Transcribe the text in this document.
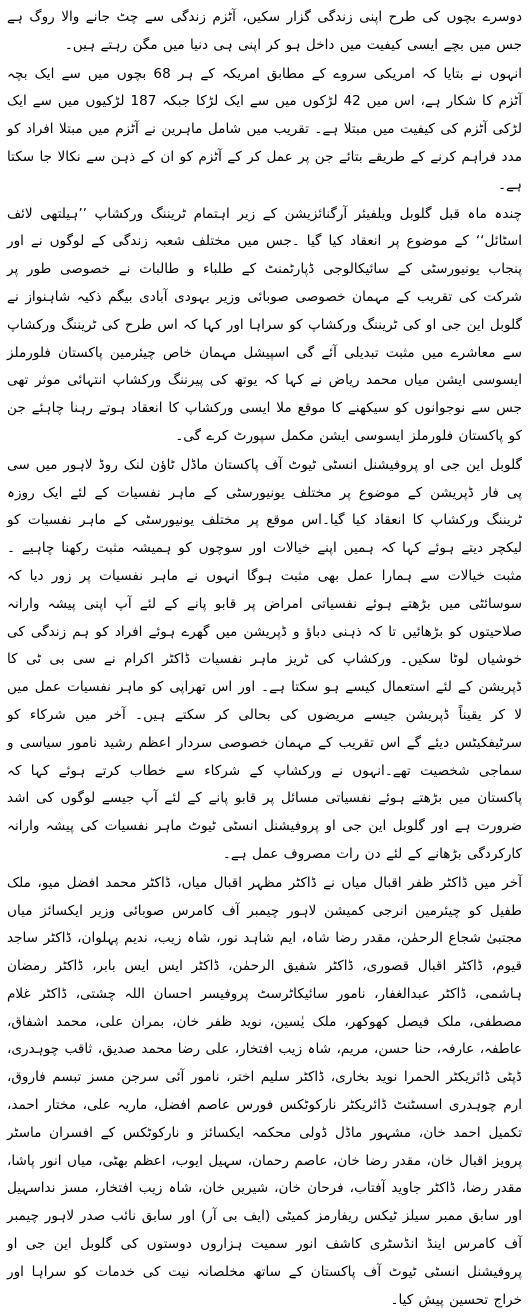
دوسرے بچوں کی طرح اپنی زندگی گزار سکیں، آٹزم زندگی سے چٹ جانے والا روگ ہے جس میں بچے ایسی کیفیت میں داخل ہو کر اپنی ہی دنیا میں مگن رہتے ہیں۔

انہوں نے بتایا کہ امریکی سروے کے مطابق امریکہ کے ہر 68 بچوں میں سے ایک بچہ آٹزم کا شکار ہے، اس میں 42 لڑکوں میں سے ایک لڑکا جبکہ 187 لڑکیوں میں سے ایک لڑکی آٹزم کی کیفیت میں مبتلا ہے۔ تقریب میں شامل ماہرین نے آٹزم میں مبتلا افراد کو مدد فراہم کرنے کے طریقے بتائے جن پر عمل کر کے آٹزم کو ان کے ذہن سے نکالا جا سکتا ہے۔

چندہ ماہ قبل گلوبل ویلفیئر آرگنائزیشن کے زیر اہتمام ٹریننگ ورکشاپ ’’ہیلتھی لائف اسٹائل‘‘ کے موضوع پر انعقاد کیا گیا ۔جس میں مختلف شعبہ زندگی کے لوگوں نے اور پنجاب یونیورسٹی کے سائیکالوجی ڈپارٹمنٹ کے طلباء و طالبات نے خصوصی طور پر شرکت کی تقریب کے مہمان خصوصی صوبائی وزیر بہودی آبادی بیگم ذکیہ شاہنواز نے گلوبل این جی او کی ٹریننگ ورکشاپ کو سراہا اور کہا کہ اس طرح کی ٹریننگ ورکشاپ سے معاشرے میں مثبت تبدیلی آئے گی اسپیشل مہمان خاص چیئرمین پاکستان فلورملز ایسوسی ایشن میاں محمد ریاض نے کہا کہ یوتھ کی پیرننگ ورکشاپ انتہائی موثر تھی جس سے نوجوانوں کو سیکھنے کا موقع ملا ایسی ورکشاپ کا انعقاد ہوتے رہنا چاہئے جن کو پاکستان فلورملز ایسوسی ایشن مکمل سپورٹ کرے گی۔

گلوبل این جی او پروفیشنل انسٹی ٹیوٹ آف پاکستان ماڈل ٹاؤن لنک روڈ لاہور میں سی پی فار ڈپریشن کے موضوع پر مختلف یونیورسٹی کے ماہر نفسیات کے لئے ایک روزہ ٹریننگ ورکشاپ کا انعقاد کیا گیا۔اس موقع پر مختلف یونیورسٹی کے ماہر نفسیات کو لیکچر دیتے ہوئے کہا کہ ہمیں اپنے خیالات اور سوچوں کو ہمیشہ مثبت رکھنا چاہیے ۔مثبت خیالات سے ہمارا عمل بھی مثبت ہوگا انہوں نے ماہر نفسیات پر زور دیا کہ سوسائٹی میں بڑھتے ہوئے نفسیاتی امراض پر قابو پانے کے لئے آپ اپنی پیشہ وارانہ صلاحیتوں کو بڑھائیں تا کہ ذہنی دباؤ و ڈپریشن میں گھرے ہوئے افراد کو ہم زندگی کی خوشیاں لوٹا سکیں۔ ورکشاپ کی ٹریز ماہر نفسیات ڈاکٹر اکرام نے سی بی ٹی کا ڈپریشن کے لئے استعمال کیسے ہو سکتا ہے۔ اور اس تھراپی کو ماہر نفسیات عمل میں لا کر یقیناً ڈپریشن جیسے مریضوں کی بحالی کر سکتے ہیں۔ آخر میں شرکاء کو سرٹیفکیٹس دیئے گے اس تقریب کے مہمان خصوصی سردار اعظم رشید نامور سیاسی و سماجی شخصیت تھے۔انہوں نے ورکشاپ کے شرکاء سے خطاب کرتے ہوئے کہا کہ پاکستان میں بڑھتے ہوئے نفسیاتی مسائل پر قابو پانے کے لئے آپ جیسے لوگوں کی اشد ضرورت ہے اور گلوبل این جی او پروفیشنل انسٹی ٹیوٹ ماہر نفسیات کی پیشہ وارانہ کارکردگی بڑھانے کے لئے دن رات مصروف عمل ہے۔

آخر میں ڈاکٹر ظفر اقبال میاں نے ڈاکٹر مظہر اقبال میاں، ڈاکٹر محمد افضل میو، ملک طفیل کو چیئرمین انرجی کمیشن لاہور چیمبر آف کامرس صوبائی وزیر ایکسائز میاں مجتبیٰ شجاع الرحمٰن، مقدر رضا شاہ، ایم شاہد نور، شاہ زیب، ندیم پہلوان، ڈاکٹر ساجد قیوم، ڈاکٹر اقبال قصوری، ڈاکٹر شفیق الرحمٰن، ڈاکٹر ایس ایس بابر، ڈاکٹر رمضان ہاشمی، ڈاکٹر عبدالغفار، نامور سائیکاٹرسٹ پروفیسر احسان اللہ چشتی، ڈاکٹر غلام مصطفی، ملک فیصل کھوکھر، ملک یٰسین، نوید ظفر خان، بمران علی، محمد اشفاق، عاطفہ، عارفہ، حنا حسن، مریم، شاہ زیب افتخار، علی رضا محمد صدیق، ثاقب چوہدری، ڈپٹی ڈائریکٹر الحمرا نوید بخاری، ڈاکٹر سلیم اختر، نامور آئی سرجن مسز تبسم فاروق، ارم چوہدری اسسٹنٹ ڈائریکٹر نارکوٹکس فورس عاصم افضل، ماریہ علی، مختار احمد، تکمیل احمد خان، مشہور ماڈل ڈولی محکمہ ایکسائز و نارکوٹکس کے افسران ماسٹر پرویز اقبال خان، مقدر رضا خان، عاصم رحمان، سہیل ایوب، اعظم بھٹی، میاں انور پاشا، مقدر رضا، ڈاکٹر جاوید آفتاب، فرحان خان، شیریں خان، شاہ زیب افتخار، مسز نداسہیل اور سابق ممبر سیلز ٹیکس ریفارمز کمیٹی (ایف بی آر) اور سابق نائب صدر لاہور چیمبر آف کامرس اینڈ انڈسٹری کاشف انور سمیت ہزاروں دوستوں کی گلوبل این جی او پروفیشنل انسٹی ٹیوٹ آف پاکستان کے ساتھ مخلصانہ نیت کی خدمات کو سراہا اور خراج تحسین پیش کیا۔
